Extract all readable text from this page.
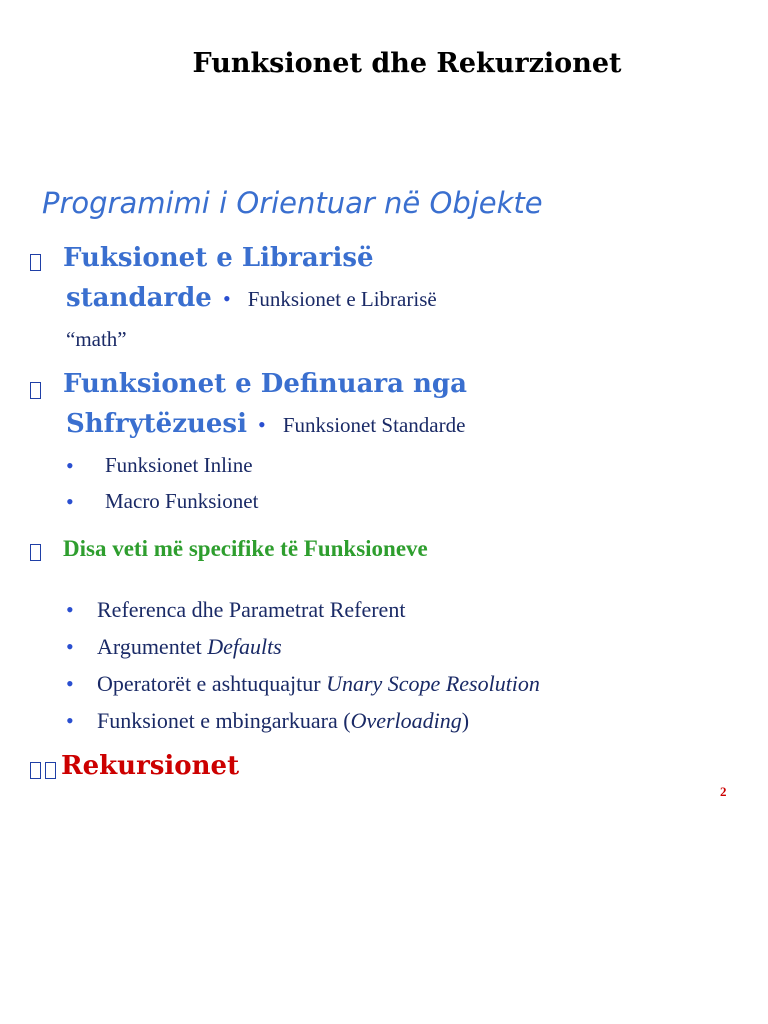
Funksionet dhe Rekurzionet
Programimi i Orientuar në Objekte
Fuksionet e Librarisë
standarde • Funksionet e Librarisë
“math”
Funksionet e Definuara nga
Shfrytëzuesi • Funksionet Standarde
• Funksionet Inline
• Macro Funksionet
Disa veti më specifike të Funksioneve
• Referenca dhe Parametrat Referent
• Argumentet Defaults
• Operatorët e ashtuquajtur Unary Scope Resolution
• Funksionet e mbingarkuara (Overloading)
Rekursionet
2
